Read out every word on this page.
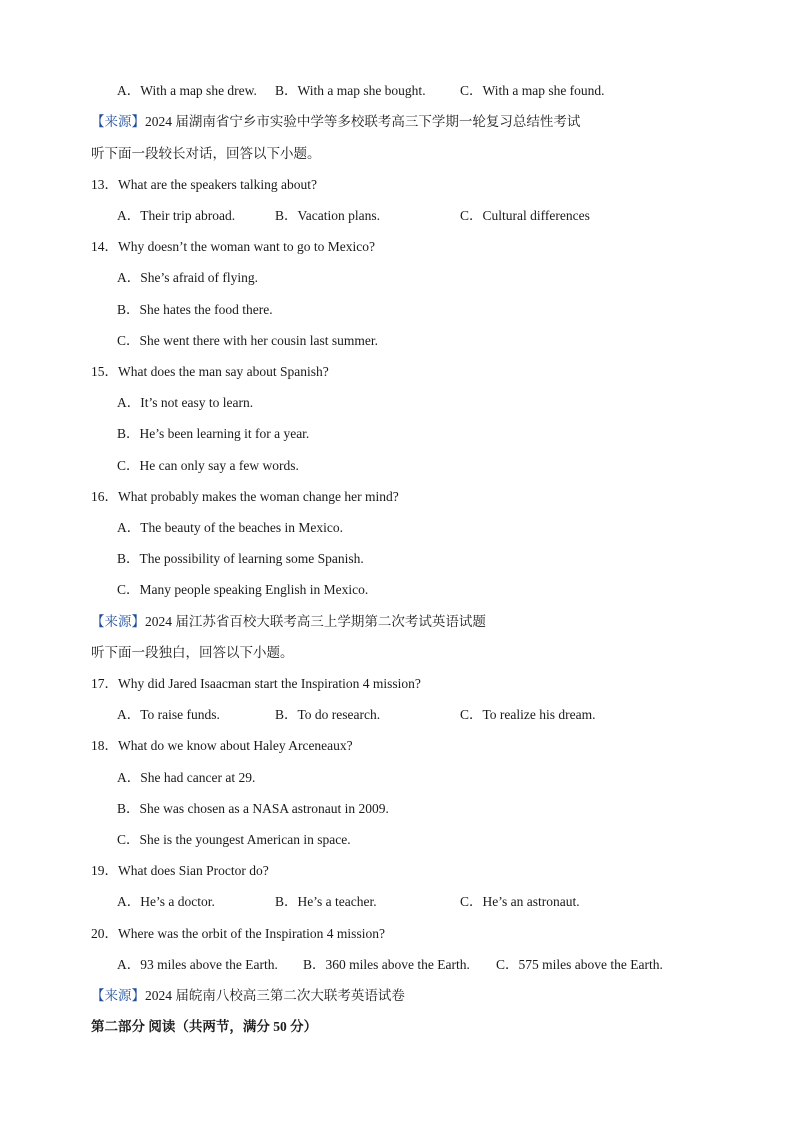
A．With a map she drew. B．With a map she bought.	C．With a map she found.
【来源】2024 届湖南省宁乡市实验中学等多校联考高三下学期一轮复习总结性考试
听下面一段较长对话，回答以下小题。
13．What are the speakers talking about?
A．Their trip abroad.	B．Vacation plans.	C．Cultural differences
14．Why doesn’t the woman want to go to Mexico?
A．She’s afraid of flying.
B．She hates the food there.
C．She went there with her cousin last summer.
15．What does the man say about Spanish?
A．It’s not easy to learn.
B．He’s been learning it for a year.
C．He can only say a few words.
16．What probably makes the woman change her mind?
A．The beauty of the beaches in Mexico.
B．The possibility of learning some Spanish.
C．Many people speaking English in Mexico.
【来源】2024 届江苏省百校大联考高三上学期第二次考试英语试题
听下面一段独白，回答以下小题。
17．Why did Jared Isaacman start the Inspiration 4 mission?
A．To raise funds.	B．To do research.	C．To realize his dream.
18．What do we know about Haley Arceneaux?
A．She had cancer at 29.
B．She was chosen as a NASA astronaut in 2009.
C．She is the youngest American in space.
19．What does Sian Proctor do?
A．He’s a doctor.	B．He’s a teacher.	C．He’s an astronaut.
20．Where was the orbit of the Inspiration 4 mission?
A．93 miles above the Earth. B．360 miles above the Earth. C．575 miles above the Earth.
【来源】2024 届皖南八校高三第二次大联考英语试卷
第二部分 阅读（共两节，满分 50 分）
